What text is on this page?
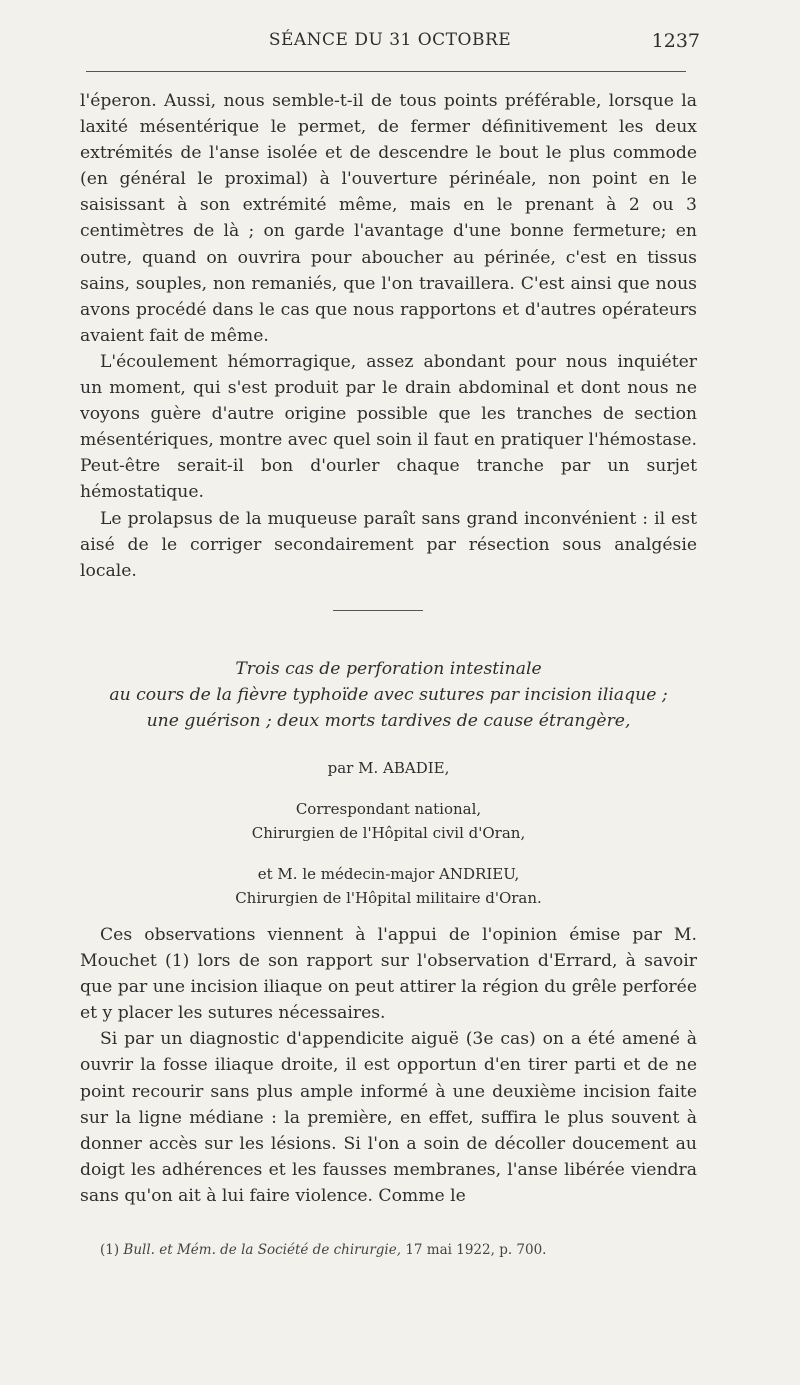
SÉANCE DU 31 OCTOBRE	1237

l'éperon. Aussi, nous semble-t-il de tous points préférable, lorsque la laxité mésentérique le permet, de fermer définitivement les deux extrémités de l'anse isolée et de descendre le bout le plus commode (en général le proximal) à l'ouverture périnéale, non point en le saisissant à son extrémité même, mais en le prenant à 2 ou 3 centimètres de là ; on garde l'avantage d'une bonne fermeture; en outre, quand on ouvrira pour aboucher au périnée, c'est en tissus sains, souples, non remaniés, que l'on travaillera. C'est ainsi que nous avons procédé dans le cas que nous rapportons et d'autres opérateurs avaient fait de même.

L'écoulement hémorragique, assez abondant pour nous inquiéter un moment, qui s'est produit par le drain abdominal et dont nous ne voyons guère d'autre origine possible que les tranches de section mésentériques, montre avec quel soin il faut en pratiquer l'hémostase. Peut-être serait-il bon d'ourler chaque tranche par un surjet hémostatique.

Le prolapsus de la muqueuse paraît sans grand inconvénient : il est aisé de le corriger secondairement par résection sous analgésie locale.

Trois cas de perforation intestinale
au cours de la fièvre typhoïde avec sutures par incision iliaque ;
une guérison ; deux morts tardives de cause étrangère,
par M. ABADIE,
Correspondant national,
Chirurgien de l'Hôpital civil d'Oran,
et M. le médecin-major ANDRIEU,
Chirurgien de l'Hôpital militaire d'Oran.

Ces observations viennent à l'appui de l'opinion émise par M. Mouchet (1) lors de son rapport sur l'observation d'Errard, à savoir que par une incision iliaque on peut attirer la région du grêle perforée et y placer les sutures nécessaires.

Si par un diagnostic d'appendicite aiguë (3e cas) on a été amené à ouvrir la fosse iliaque droite, il est opportun d'en tirer parti et de ne point recourir sans plus ample informé à une deuxième incision faite sur la ligne médiane : la première, en effet, suffira le plus souvent à donner accès sur les lésions. Si l'on a soin de décoller doucement au doigt les adhérences et les fausses membranes, l'anse libérée viendra sans qu'on ait à lui faire violence. Comme le

(1) Bull. et Mém. de la Société de chirurgie, 17 mai 1922, p. 700.
